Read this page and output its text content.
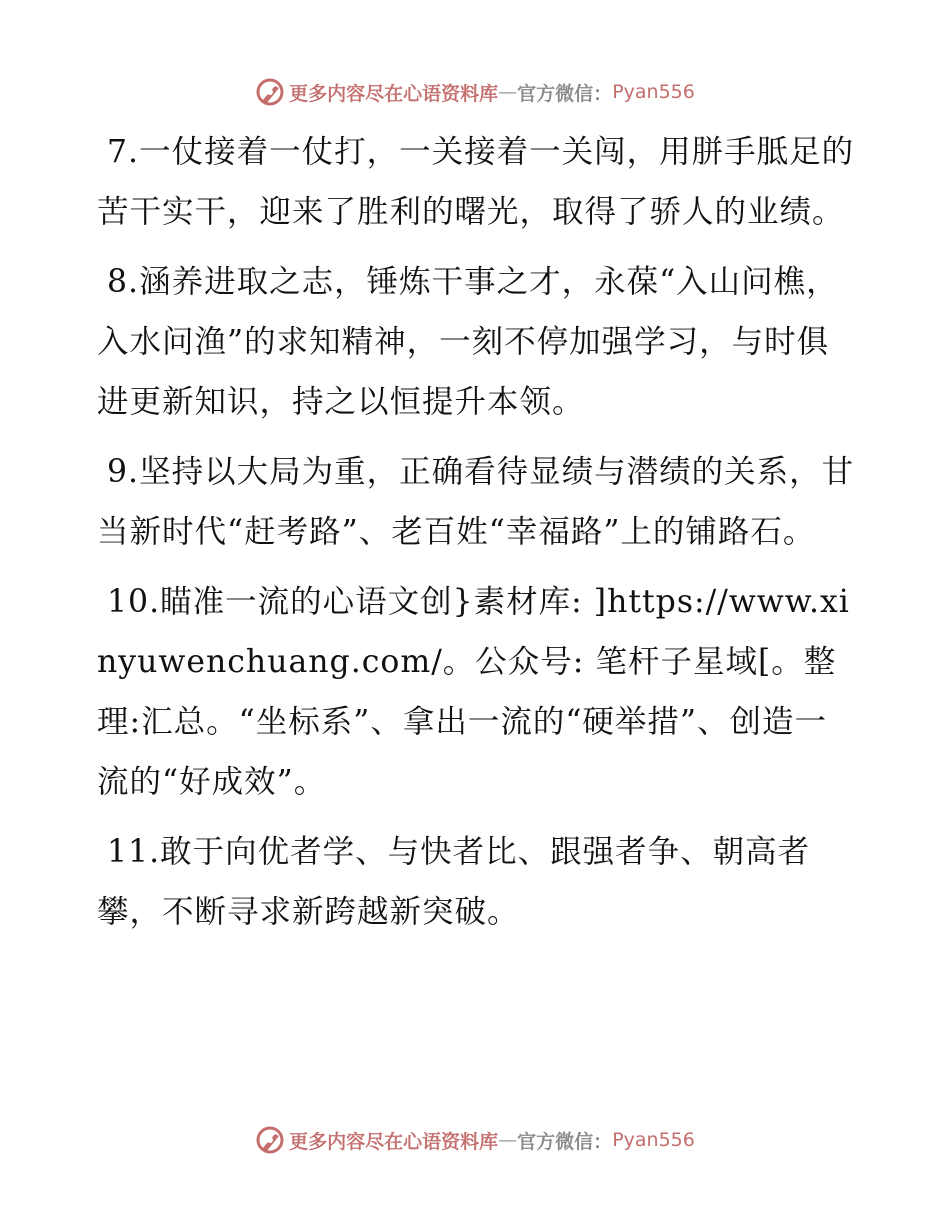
更多内容尽在心语资料库 — 官方微信： Pyan556

7.一仗接着一仗打，一关接着一关闯，用胼手胝足的苦干实干，迎来了胜利的曙光，取得了骄人的业绩。

8.涵养进取之志，锤炼干事之才，永葆“入山问樵，入水问渔”的求知精神，一刻不停加强学习，与时俱进更新知识，持之以恒提升本领。

9.坚持以大局为重，正确看待显绩与潜绩的关系，甘当新时代“赶考路”、老百姓“幸福路”上的铺路石。

10.瞄准一流的心语文创}素材库: ]https://www.xinyuwenchuang.com/。公众号: 笔杆子星域[。整理:汇总。“坐标系”、拿出一流的“硬举措”、创造一流的“好成效”。

11.敢于向优者学、与快者比、跟强者争、朝高者攀，不断寻求新跨越新突破。

更多内容尽在心语资料库 — 官方微信： Pyan556
